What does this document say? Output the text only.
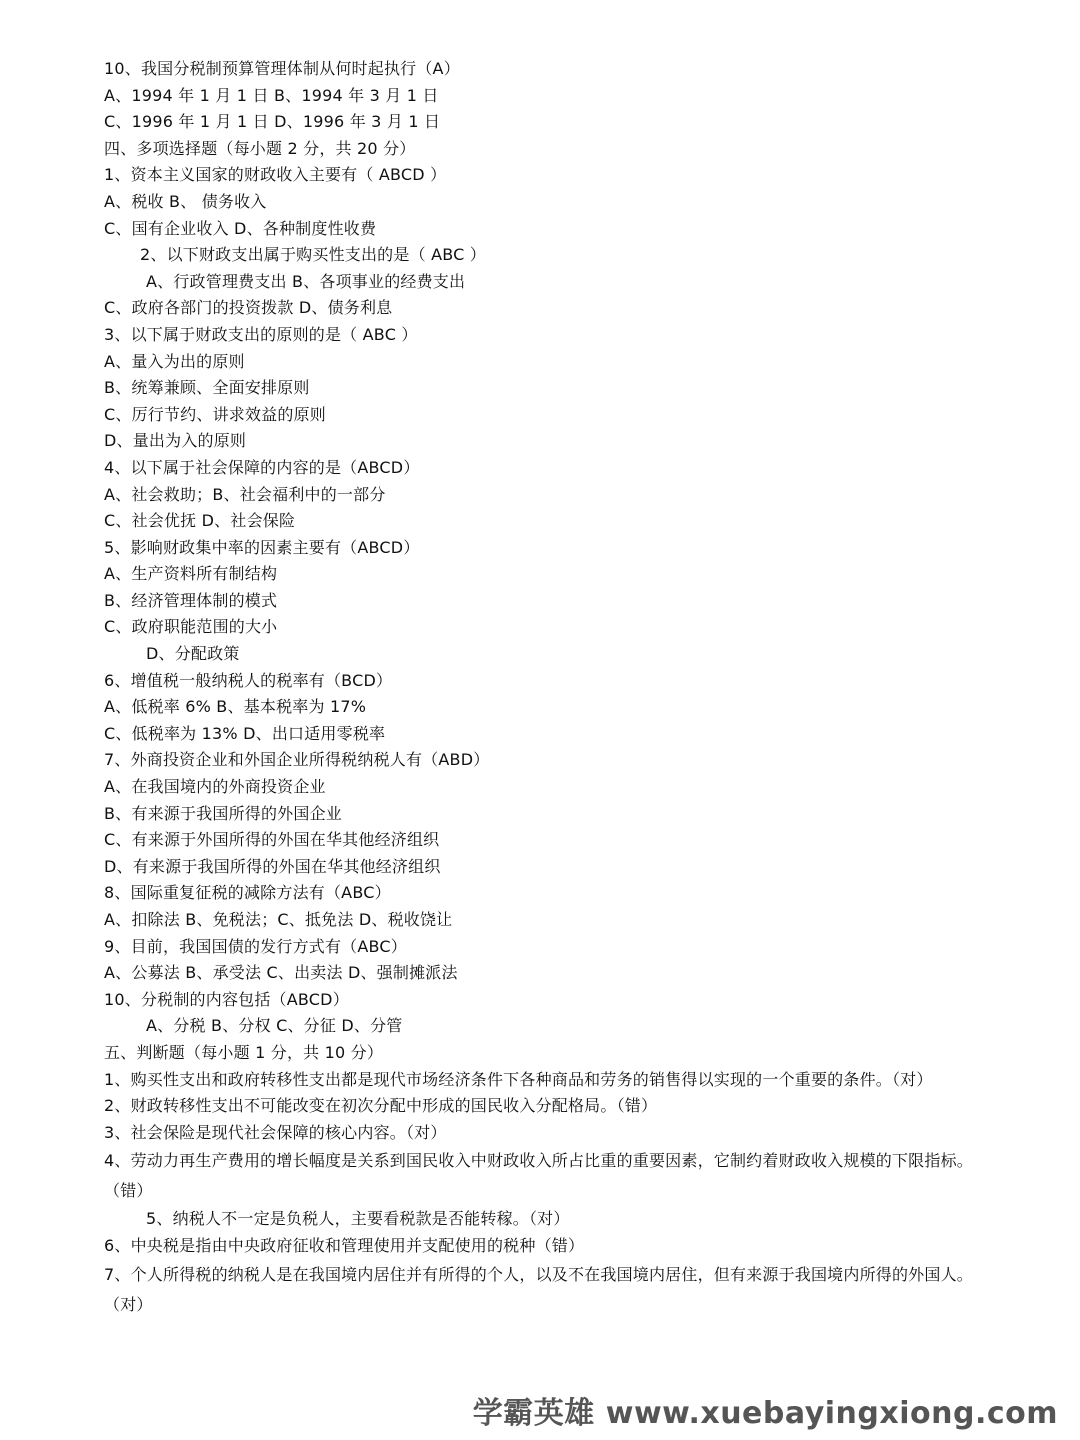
10、我国分税制预算管理体制从何时起执行（A）
A、1994 年 1 月 1 日 B、1994 年 3 月 1 日
C、1996 年 1 月 1 日 D、1996 年 3 月 1 日
四、多项选择题（每小题 2 分，共 20 分）
1、资本主义国家的财政收入主要有（ ABCD ）
A、税收 B、 债务收入
C、国有企业收入 D、各种制度性收费
2、以下财政支出属于购买性支出的是（ ABC ）
A、行政管理费支出 B、各项事业的经费支出
C、政府各部门的投资拨款 D、债务利息
3、以下属于财政支出的原则的是（ ABC ）
A、量入为出的原则
B、统筹兼顾、全面安排原则
C、厉行节约、讲求效益的原则
D、量出为入的原则
4、以下属于社会保障的内容的是（ABCD）
A、社会救助；B、社会福利中的一部分
C、社会优抚 D、社会保险
5、影响财政集中率的因素主要有（ABCD）
A、生产资料所有制结构
B、经济管理体制的模式
C、政府职能范围的大小
D、分配政策
6、增值税一般纳税人的税率有（BCD）
A、低税率 6% B、基本税率为 17%
C、低税率为 13% D、出口适用零税率
7、外商投资企业和外国企业所得税纳税人有（ABD）
A、在我国境内的外商投资企业
B、有来源于我国所得的外国企业
C、有来源于外国所得的外国在华其他经济组织
D、有来源于我国所得的外国在华其他经济组织
8、国际重复征税的减除方法有（ABC）
A、扣除法 B、免税法；C、抵免法 D、税收饶让
9、目前，我国国债的发行方式有（ABC）
A、公募法 B、承受法 C、出卖法 D、强制摊派法
10、分税制的内容包括（ABCD）
A、分税 B、分权 C、分征 D、分管
五、判断题（每小题 1 分，共 10 分）
1、购买性支出和政府转移性支出都是现代市场经济条件下各种商品和劳务的销售得以实现的一个重要的条件。（对）
2、财政转移性支出不可能改变在初次分配中形成的国民收入分配格局。（错）
3、社会保险是现代社会保障的核心内容。（对）
4、劳动力再生产费用的增长幅度是关系到国民收入中财政收入所占比重的重要因素，它制约着财政收入规模的下限指标。（错）
5、纳税人不一定是负税人，主要看税款是否能转稼。（对）
6、中央税是指由中央政府征收和管理使用并支配使用的税种（错）
7、个人所得税的纳税人是在我国境内居住并有所得的个人，以及不在我国境内居住，但有来源于我国境内所得的外国人。（对）
学霸英雄 www.xuebayingxiong.com
